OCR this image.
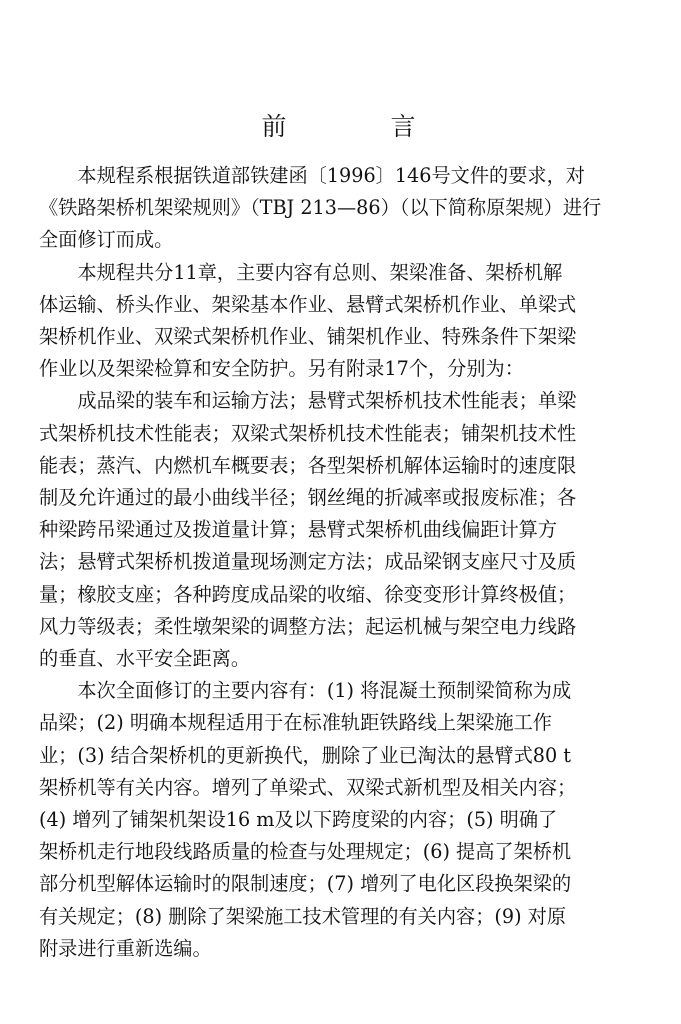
前 言

本规程系根据铁道部铁建函〔1996〕146号文件的要求，对
《铁路架桥机架梁规则》（TBJ 213—86）（以下简称原架规）进行
全面修订而成。

本规程共分11章，主要内容有总则、架梁准备、架桥机解
体运输、桥头作业、架梁基本作业、悬臂式架桥机作业、单梁式
架桥机作业、双梁式架桥机作业、铺架机作业、特殊条件下架梁
作业以及架梁检算和安全防护。另有附录17个，分别为：

成品梁的装车和运输方法；悬臂式架桥机技术性能表；单梁
式架桥机技术性能表；双梁式架桥机技术性能表；铺架机技术性
能表；蒸汽、内燃机车概要表；各型架桥机解体运输时的速度限
制及允许通过的最小曲线半径；钢丝绳的折减率或报废标准；各
种梁跨吊梁通过及拨道量计算；悬臂式架桥机曲线偏距计算方
法；悬臂式架桥机拨道量现场测定方法；成品梁钢支座尺寸及质
量；橡胶支座；各种跨度成品梁的收缩、徐变变形计算终极值；
风力等级表；柔性墩架梁的调整方法；起运机械与架空电力线路
的垂直、水平安全距离。

本次全面修订的主要内容有：(1) 将混凝土预制梁简称为成
品梁；(2) 明确本规程适用于在标准轨距铁路线上架梁施工作
业；(3) 结合架桥机的更新换代，删除了业已淘汰的悬臂式80 t
架桥机等有关内容。增列了单梁式、双梁式新机型及相关内容；
(4) 增列了铺架机架设16 m及以下跨度梁的内容；(5) 明确了
架桥机走行地段线路质量的检查与处理规定；(6) 提高了架桥机
部分机型解体运输时的限制速度；(7) 增列了电化区段换架梁的
有关规定；(8) 删除了架梁施工技术管理的有关内容；(9) 对原
附录进行重新选编。
